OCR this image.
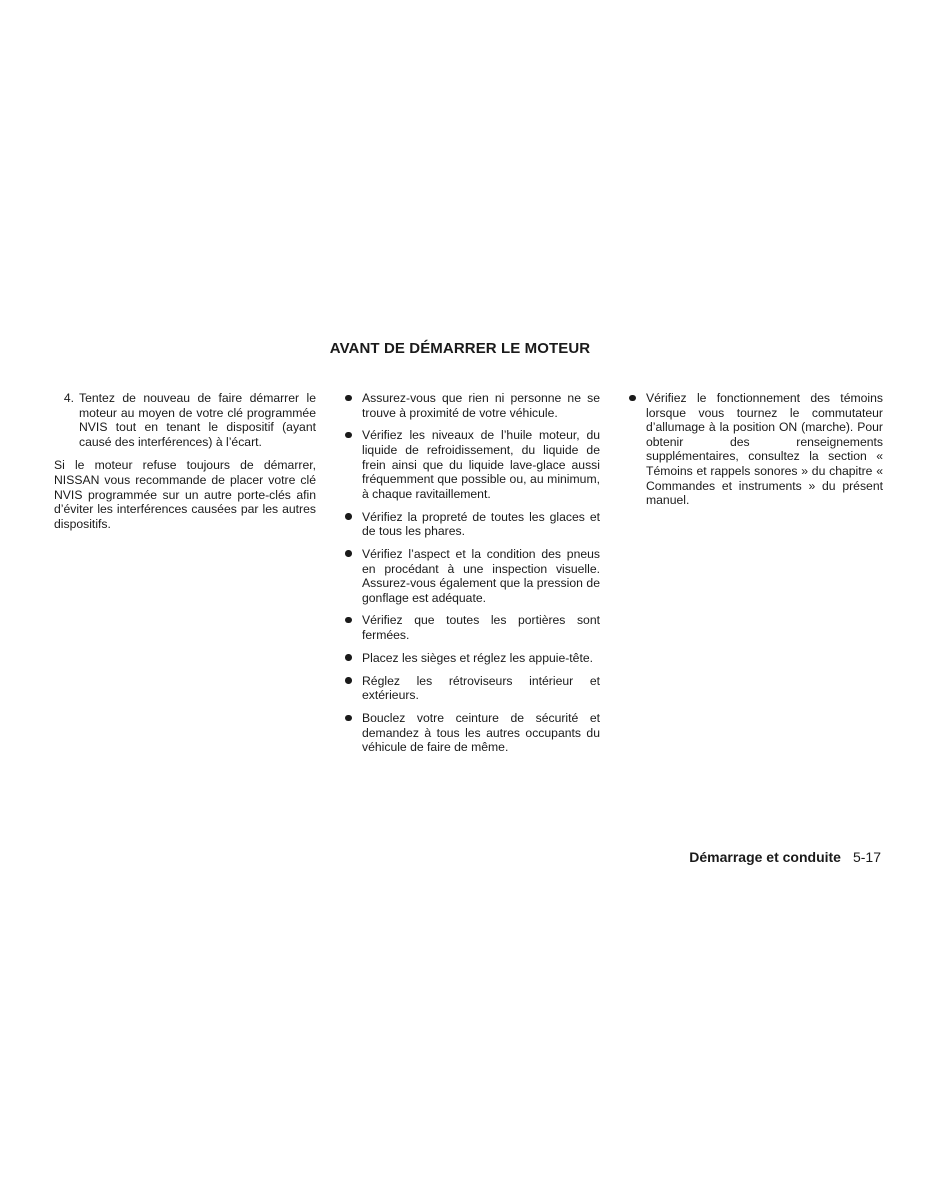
AVANT DE DÉMARRER LE MOTEUR
4. Tentez de nouveau de faire démarrer le moteur au moyen de votre clé programmée NVIS tout en tenant le dispositif (ayant causé des interférences) à l’écart.

Si le moteur refuse toujours de démarrer, NISSAN vous recommande de placer votre clé NVIS programmée sur un autre porte-clés afin d’éviter les interférences causées par les autres dispositifs.

Assurez-vous que rien ni personne ne se trouve à proximité de votre véhicule.
Vérifiez les niveaux de l’huile moteur, du liquide de refroidissement, du liquide de frein ainsi que du liquide lave-glace aussi fréquemment que possible ou, au minimum, à chaque ravitaillement.
Vérifiez la propreté de toutes les glaces et de tous les phares.
Vérifiez l’aspect et la condition des pneus en procédant à une inspection visuelle. Assurez-vous également que la pression de gonflage est adéquate.
Vérifiez que toutes les portières sont fermées.
Placez les sièges et réglez les appuie-tête.
Réglez les rétroviseurs intérieur et extérieurs.
Bouclez votre ceinture de sécurité et demandez à tous les autres occupants du véhicule de faire de même.
Vérifiez le fonctionnement des témoins lorsque vous tournez le commutateur d’allumage à la position ON (marche). Pour obtenir des renseignements supplémentaires, consultez la section « Témoins et rappels sonores » du chapitre « Commandes et instruments » du présent manuel.
Démarrage et conduite 5-17
